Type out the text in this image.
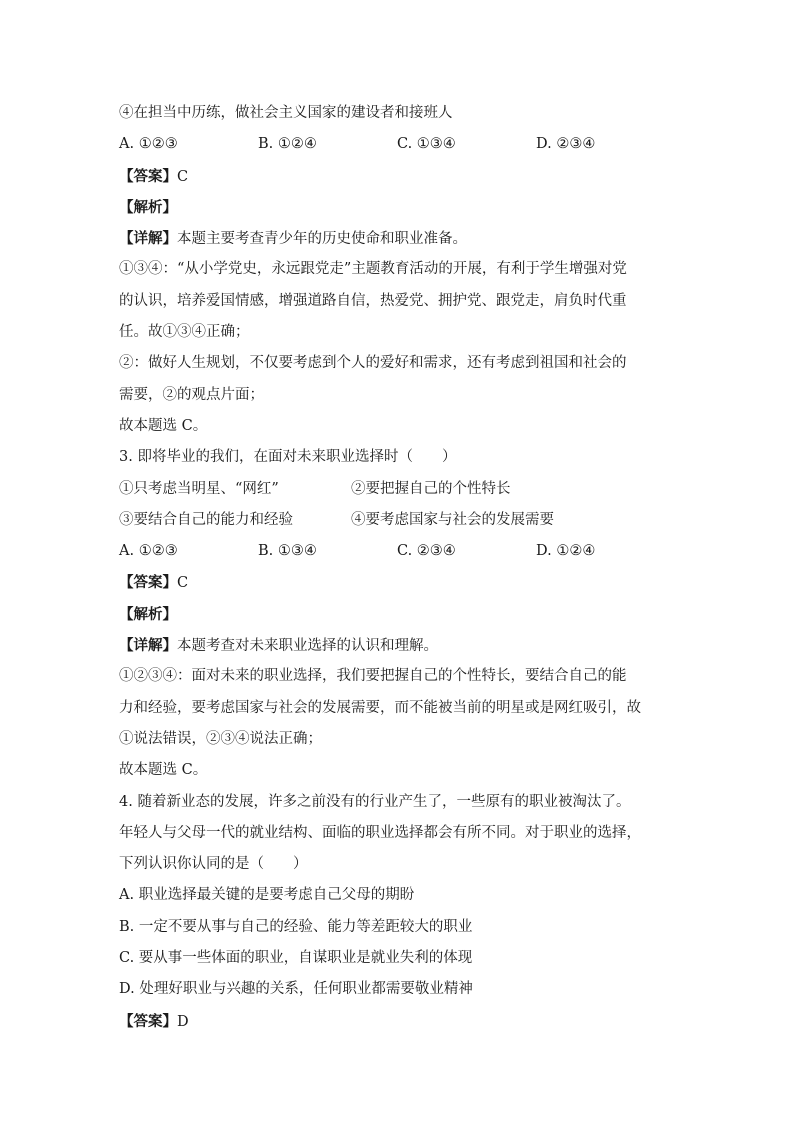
④在担当中历练，做社会主义国家的建设者和接班人
A. ①②③	B. ①②④	C. ①③④	D. ②③④
【答案】C
【解析】
【详解】本题主要考查青少年的历史使命和职业准备。
①③④：“从小学党史，永远跟党走”主题教育活动的开展，有利于学生增强对党
的认识，培养爱国情感，增强道路自信，热爱党、拥护党、跟党走，肩负时代重
任。故①③④正确；
②：做好人生规划，不仅要考虑到个人的爱好和需求，还有考虑到祖国和社会的
需要，②的观点片面；
故本题选 C。
3. 即将毕业的我们，在面对未来职业选择时（　　）
①只考虑当明星、“网红”	②要把握自己的个性特长
③要结合自己的能力和经验	④要考虑国家与社会的发展需要
A. ①②③	B. ①③④	C. ②③④	D. ①②④
【答案】C
【解析】
【详解】本题考查对未来职业选择的认识和理解。
①②③④：面对未来的职业选择，我们要把握自己的个性特长，要结合自己的能
力和经验，要考虑国家与社会的发展需要，而不能被当前的明星或是网红吸引，故
①说法错误，②③④说法正确；
故本题选 C。
4. 随着新业态的发展，许多之前没有的行业产生了，一些原有的职业被淘汰了。
年轻人与父母一代的就业结构、面临的职业选择都会有所不同。对于职业的选择，
下列认识你认同的是（　　）
A. 职业选择最关键的是要考虑自己父母的期盼
B. 一定不要从事与自己的经验、能力等差距较大的职业
C. 要从事一些体面的职业，自谋职业是就业失利的体现
D. 处理好职业与兴趣的关系，任何职业都需要敬业精神
【答案】D
